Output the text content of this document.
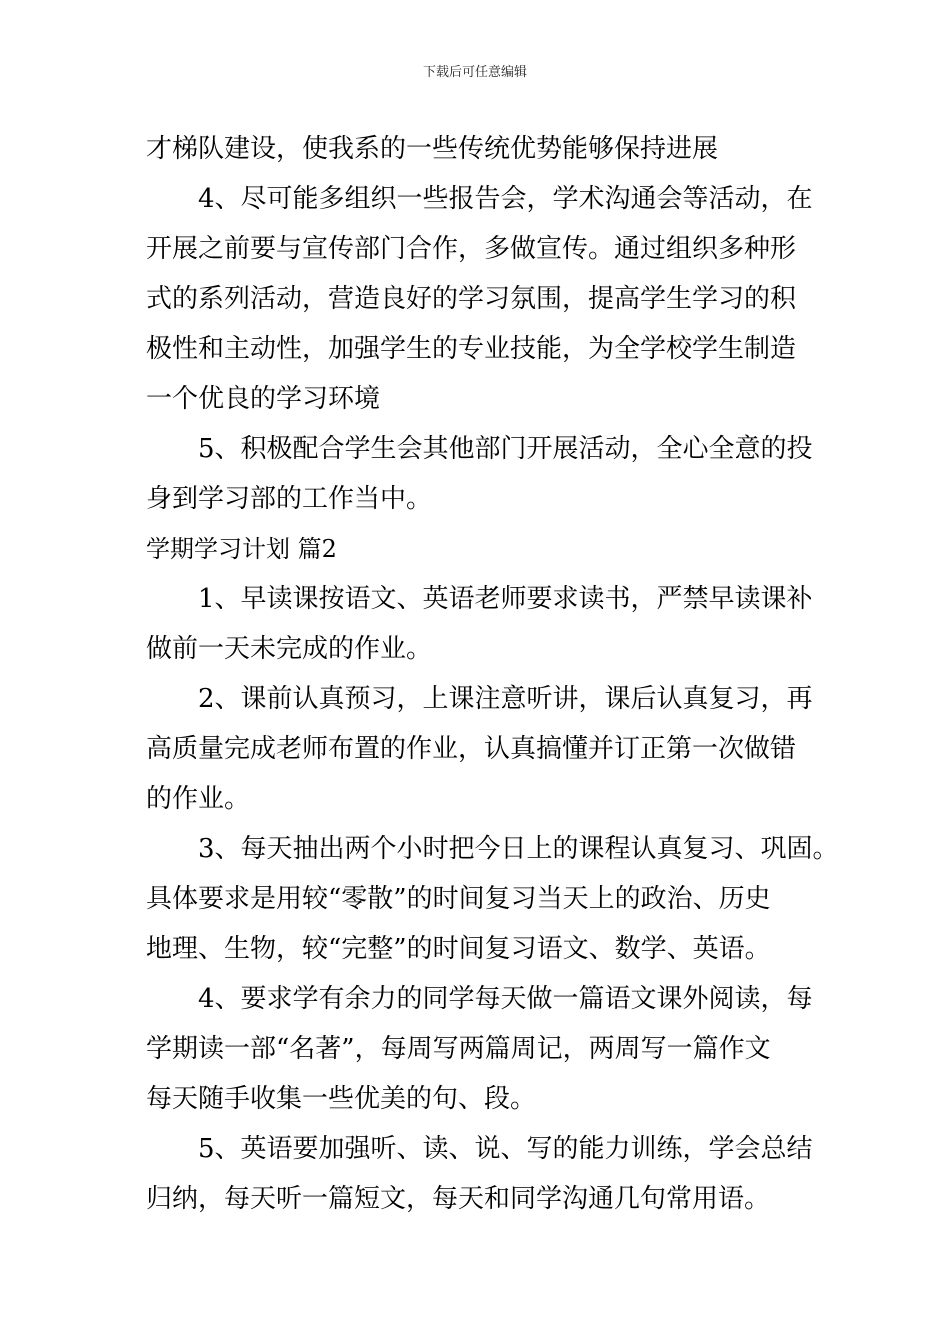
下载后可任意编辑
才梯队建设，使我系的一些传统优势能够保持进展
4、尽可能多组织一些报告会，学术沟通会等活动，在
开展之前要与宣传部门合作，多做宣传。通过组织多种形
式的系列活动，营造良好的学习氛围，提高学生学习的积
极性和主动性，加强学生的专业技能，为全学校学生制造
一个优良的学习环境
5、积极配合学生会其他部门开展活动，全心全意的投
身到学习部的工作当中。
学期学习计划 篇2
1、早读课按语文、英语老师要求读书，严禁早读课补
做前一天未完成的作业。
2、课前认真预习，上课注意听讲，课后认真复习，再
高质量完成老师布置的作业，认真搞懂并订正第一次做错
的作业。
3、每天抽出两个小时把今日上的课程认真复习、巩固。
具体要求是用较“零散”的时间复习当天上的政治、历史
地理、生物，较“完整”的时间复习语文、数学、英语。
4、要求学有余力的同学每天做一篇语文课外阅读，每
学期读一部“名著”，每周写两篇周记，两周写一篇作文
每天随手收集一些优美的句、段。
5、英语要加强听、读、说、写的能力训练，学会总结
归纳，每天听一篇短文，每天和同学沟通几句常用语。
